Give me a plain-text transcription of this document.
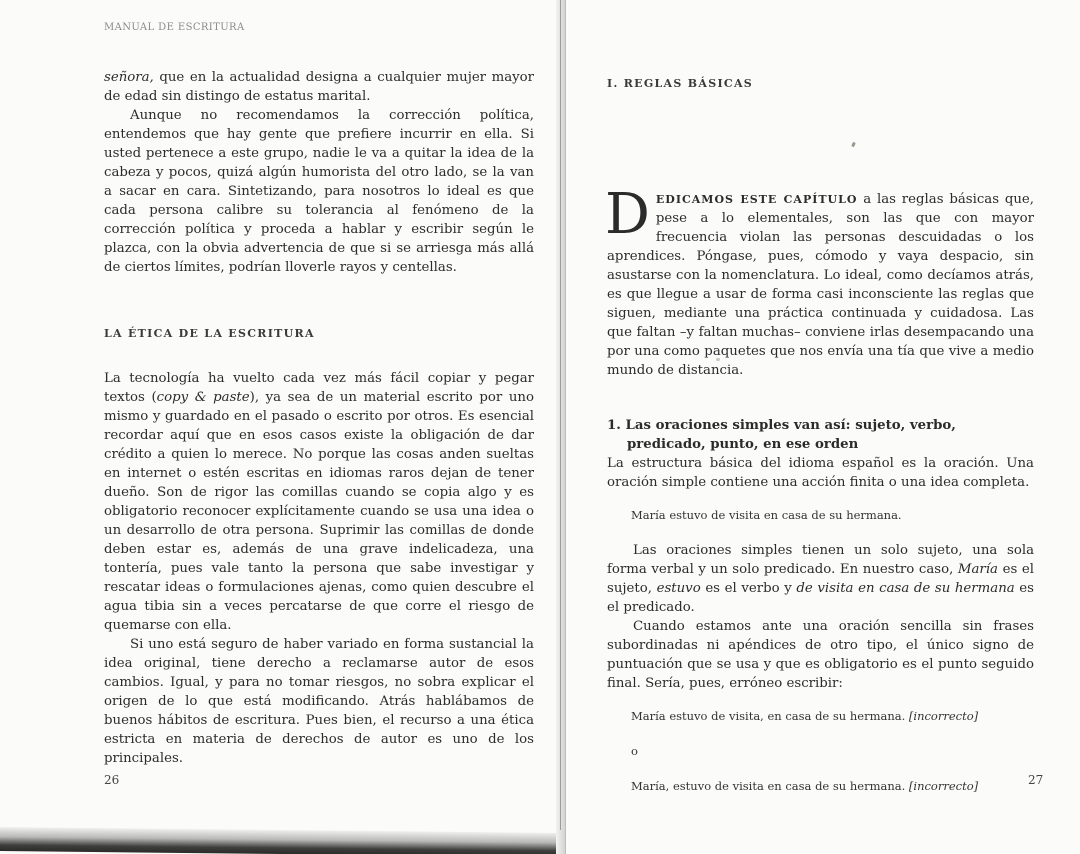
MANUAL DE ESCRITURA

señora, que en la actualidad designa a cualquier mujer mayor de edad sin distingo de estatus marital.

Aunque no recomendamos la corrección política, entendemos que hay gente que prefiere incurrir en ella. Si usted pertenece a este grupo, nadie le va a quitar la idea de la cabeza y pocos, quizá algún humorista del otro lado, se la van a sacar en cara. Sintetizando, para nosotros lo ideal es que cada persona calibre su tolerancia al fenómeno de la corrección política y proceda a hablar y escribir según le plazca, con la obvia advertencia de que si se arriesga más allá de ciertos límites, podrían lloverle rayos y centellas.

LA ÉTICA DE LA ESCRITURA

La tecnología ha vuelto cada vez más fácil copiar y pegar textos (copy & paste), ya sea de un material escrito por uno mismo y guardado en el pasado o escrito por otros. Es esencial recordar aquí que en esos casos existe la obligación de dar crédito a quien lo merece. No porque las cosas anden sueltas en internet o estén escritas en idiomas raros dejan de tener dueño. Son de rigor las comillas cuando se copia algo y es obligatorio reconocer explícitamente cuando se usa una idea o un desarrollo de otra persona. Suprimir las comillas de donde deben estar es, además de una grave indelicadeza, una tontería, pues vale tanto la persona que sabe investigar y rescatar ideas o formulaciones ajenas, como quien descubre el agua tibia sin a veces percatarse de que corre el riesgo de quemarse con ella.

Si uno está seguro de haber variado en forma sustancial la idea original, tiene derecho a reclamarse autor de esos cambios. Igual, y para no tomar riesgos, no sobra explicar el origen de lo que está modificando. Atrás hablábamos de buenos hábitos de escritura. Pues bien, el recurso a una ética estricta en materia de derechos de autor es uno de los principales.

26

I. REGLAS BÁSICAS

DEDICAMOS ESTE CAPÍTULO a las reglas básicas que, pese a lo elementales, son las que con mayor frecuencia violan las personas descuidadas o los aprendices. Póngase, pues, cómodo y vaya despacio, sin asustarse con la nomenclatura. Lo ideal, como decíamos atrás, es que llegue a usar de forma casi inconsciente las reglas que siguen, mediante una práctica continuada y cuidadosa. Las que faltan –y faltan muchas– conviene irlas desempacando una por una como paquetes que nos envía una tía que vive a medio mundo de distancia.

1. Las oraciones simples van así: sujeto, verbo, predicado, punto, en ese orden

La estructura básica del idioma español es la oración. Una oración simple contiene una acción finita o una idea completa.

María estuvo de visita en casa de su hermana.

Las oraciones simples tienen un solo sujeto, una sola forma verbal y un solo predicado. En nuestro caso, María es el sujeto, estuvo es el verbo y de visita en casa de su hermana es el predicado.

Cuando estamos ante una oración sencilla sin frases subordinadas ni apéndices de otro tipo, el único signo de puntuación que se usa y que es obligatorio es el punto seguido final. Sería, pues, erróneo escribir:

María estuvo de visita, en casa de su hermana. [incorrecto]

o

María, estuvo de visita en casa de su hermana. [incorrecto]	27
